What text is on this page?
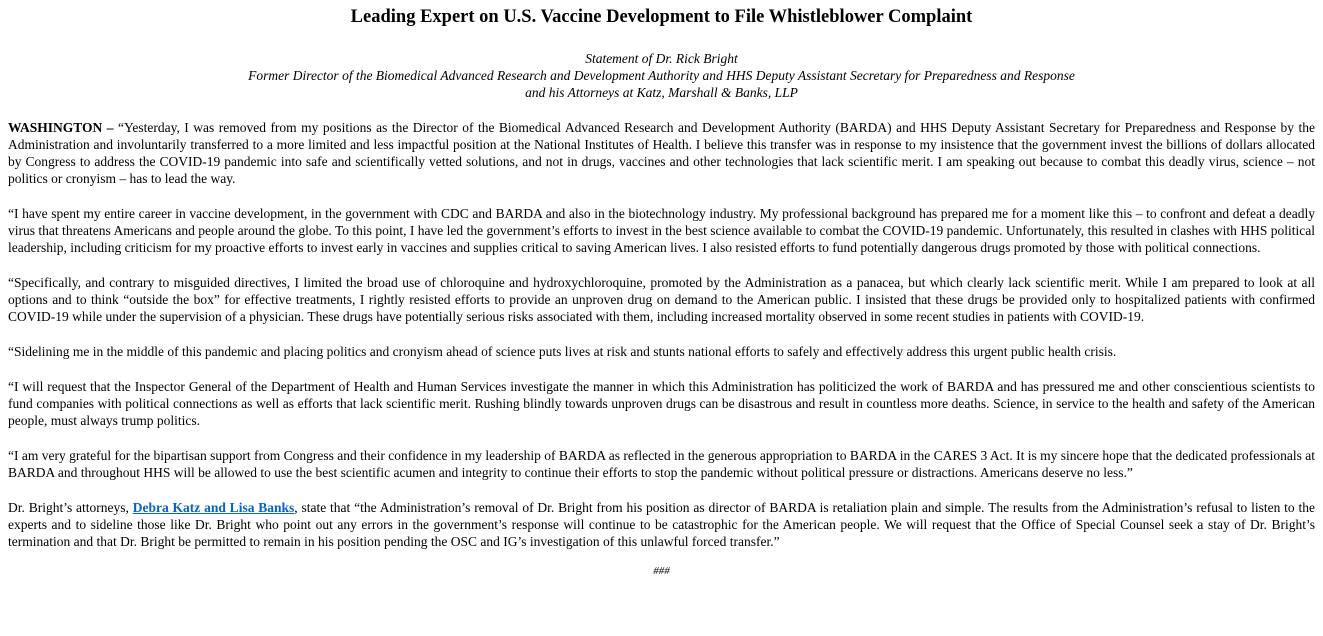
Leading Expert on U.S. Vaccine Development to File Whistleblower Complaint
Statement of Dr. Rick Bright
Former Director of the Biomedical Advanced Research and Development Authority and HHS Deputy Assistant Secretary for Preparedness and Response
and his Attorneys at Katz, Marshall & Banks, LLP

WASHINGTON – “Yesterday, I was removed from my positions as the Director of the Biomedical Advanced Research and Development Authority (BARDA) and HHS Deputy Assistant Secretary for Preparedness and Response by the Administration and involuntarily transferred to a more limited and less impactful position at the National Institutes of Health. I believe this transfer was in response to my insistence that the government invest the billions of dollars allocated by Congress to address the COVID-19 pandemic into safe and scientifically vetted solutions, and not in drugs, vaccines and other technologies that lack scientific merit. I am speaking out because to combat this deadly virus, science – not politics or cronyism – has to lead the way.

“I have spent my entire career in vaccine development, in the government with CDC and BARDA and also in the biotechnology industry. My professional background has prepared me for a moment like this – to confront and defeat a deadly virus that threatens Americans and people around the globe. To this point, I have led the government’s efforts to invest in the best science available to combat the COVID-19 pandemic. Unfortunately, this resulted in clashes with HHS political leadership, including criticism for my proactive efforts to invest early in vaccines and supplies critical to saving American lives. I also resisted efforts to fund potentially dangerous drugs promoted by those with political connections.

“Specifically, and contrary to misguided directives, I limited the broad use of chloroquine and hydroxychloroquine, promoted by the Administration as a panacea, but which clearly lack scientific merit. While I am prepared to look at all options and to think “outside the box” for effective treatments, I rightly resisted efforts to provide an unproven drug on demand to the American public. I insisted that these drugs be provided only to hospitalized patients with confirmed COVID-19 while under the supervision of a physician. These drugs have potentially serious risks associated with them, including increased mortality observed in some recent studies in patients with COVID-19.

“Sidelining me in the middle of this pandemic and placing politics and cronyism ahead of science puts lives at risk and stunts national efforts to safely and effectively address this urgent public health crisis.

“I will request that the Inspector General of the Department of Health and Human Services investigate the manner in which this Administration has politicized the work of BARDA and has pressured me and other conscientious scientists to fund companies with political connections as well as efforts that lack scientific merit. Rushing blindly towards unproven drugs can be disastrous and result in countless more deaths. Science, in service to the health and safety of the American people, must always trump politics.

“I am very grateful for the bipartisan support from Congress and their confidence in my leadership of BARDA as reflected in the generous appropriation to BARDA in the CARES 3 Act. It is my sincere hope that the dedicated professionals at BARDA and throughout HHS will be allowed to use the best scientific acumen and integrity to continue their efforts to stop the pandemic without political pressure or distractions. Americans deserve no less.”

Dr. Bright’s attorneys, Debra Katz and Lisa Banks, state that “the Administration’s removal of Dr. Bright from his position as director of BARDA is retaliation plain and simple. The results from the Administration’s refusal to listen to the experts and to sideline those like Dr. Bright who point out any errors in the government’s response will continue to be catastrophic for the American people. We will request that the Office of Special Counsel seek a stay of Dr. Bright’s termination and that Dr. Bright be permitted to remain in his position pending the OSC and IG’s investigation of this unlawful forced transfer.”

###
